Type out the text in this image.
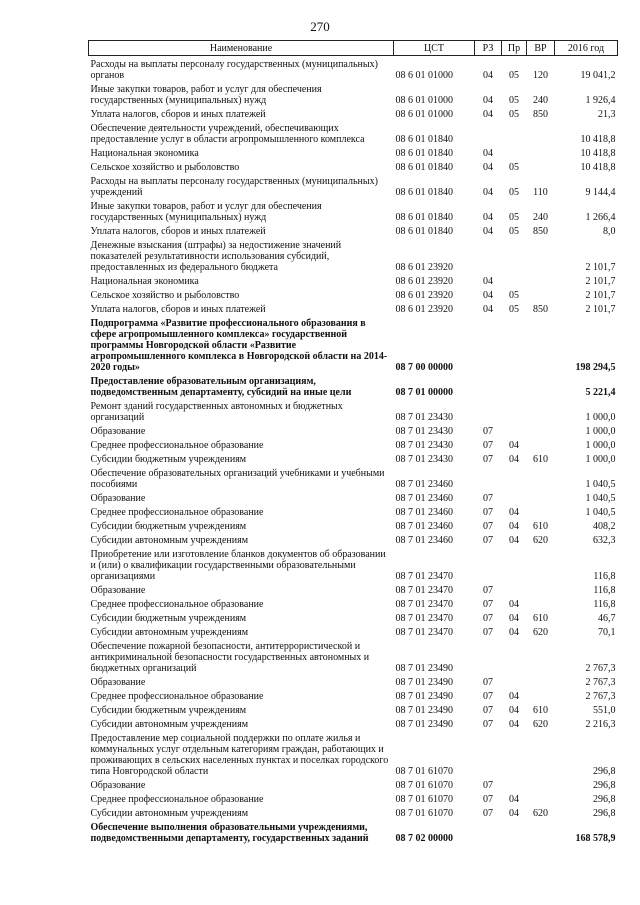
270
Наименование	ЦСТ	РЗ	Пр	ВР	2016 год
Расходы на выплаты персоналу государственных (муниципальных) органов	08 6 01 01000	04	05	120	19 041,2
Иные закупки товаров, работ и услуг для обеспечения государственных (муниципальных) нужд	08 6 01 01000	04	05	240	1 926,4
Уплата налогов, сборов и иных платежей	08 6 01 01000	04	05	850	21,3
Обеспечение деятельности учреждений, обеспечивающих предоставление услуг в области агропромышленного комплекса	08 6 01 01840				10 418,8
Национальная экономика	08 6 01 01840	04			10 418,8
Сельское хозяйство и рыболовство	08 6 01 01840	04	05		10 418,8
Расходы на выплаты персоналу государственных (муниципальных) учреждений	08 6 01 01840	04	05	110	9 144,4
Иные закупки товаров, работ и услуг для обеспечения государственных (муниципальных) нужд	08 6 01 01840	04	05	240	1 266,4
Уплата налогов, сборов и иных платежей	08 6 01 01840	04	05	850	8,0
Денежные взыскания (штрафы) за недостижение значений показателей результативности использования субсидий, предоставленных из федерального бюджета	08 6 01 23920				2 101,7
Национальная экономика	08 6 01 23920	04			2 101,7
Сельское хозяйство и рыболовство	08 6 01 23920	04	05		2 101,7
Уплата налогов, сборов и иных платежей	08 6 01 23920	04	05	850	2 101,7
Подпрограмма «Развитие профессионального образования в сфере агропромышленного комплекса» государственной программы Новгородской области «Развитие агропромышленного комплекса в Новгородской области на 2014-2020 годы»	08 7 00 00000				198 294,5
Предоставление образовательным организациям, подведомственным департаменту, субсидий на иные цели	08 7 01 00000				5 221,4
Ремонт зданий государственных автономных и бюджетных организаций	08 7 01 23430				1 000,0
Образование	08 7 01 23430	07			1 000,0
Среднее профессиональное образование	08 7 01 23430	07	04		1 000,0
Субсидии бюджетным учреждениям	08 7 01 23430	07	04	610	1 000,0
Обеспечение образовательных организаций учебниками и учебными пособиями	08 7 01 23460				1 040,5
Образование	08 7 01 23460	07			1 040,5
Среднее профессиональное образование	08 7 01 23460	07	04		1 040,5
Субсидии бюджетным учреждениям	08 7 01 23460	07	04	610	408,2
Субсидии автономным учреждениям	08 7 01 23460	07	04	620	632,3
Приобретение или изготовление бланков документов об образовании и (или) о квалификации государственными образовательными организациями	08 7 01 23470				116,8
Образование	08 7 01 23470	07			116,8
Среднее профессиональное образование	08 7 01 23470	07	04		116,8
Субсидии бюджетным учреждениям	08 7 01 23470	07	04	610	46,7
Субсидии автономным учреждениям	08 7 01 23470	07	04	620	70,1
Обеспечение пожарной безопасности, антитеррористической и антикриминальной безопасности государственных автономных и бюджетных организаций	08 7 01 23490				2 767,3
Образование	08 7 01 23490	07			2 767,3
Среднее профессиональное образование	08 7 01 23490	07	04		2 767,3
Субсидии бюджетным учреждениям	08 7 01 23490	07	04	610	551,0
Субсидии автономным учреждениям	08 7 01 23490	07	04	620	2 216,3
Предоставление мер социальной поддержки по оплате жилья и коммунальных услуг отдельным категориям граждан, работающих и проживающих в сельских населенных пунктах и поселках городского типа Новгородской области	08 7 01 61070				296,8
Образование	08 7 01 61070	07			296,8
Среднее профессиональное образование	08 7 01 61070	07	04		296,8
Субсидии автономным учреждениям	08 7 01 61070	07	04	620	296,8
Обеспечение выполнения образовательными учреждениями, подведомственными департаменту, государственных заданий	08 7 02 00000				168 578,9
